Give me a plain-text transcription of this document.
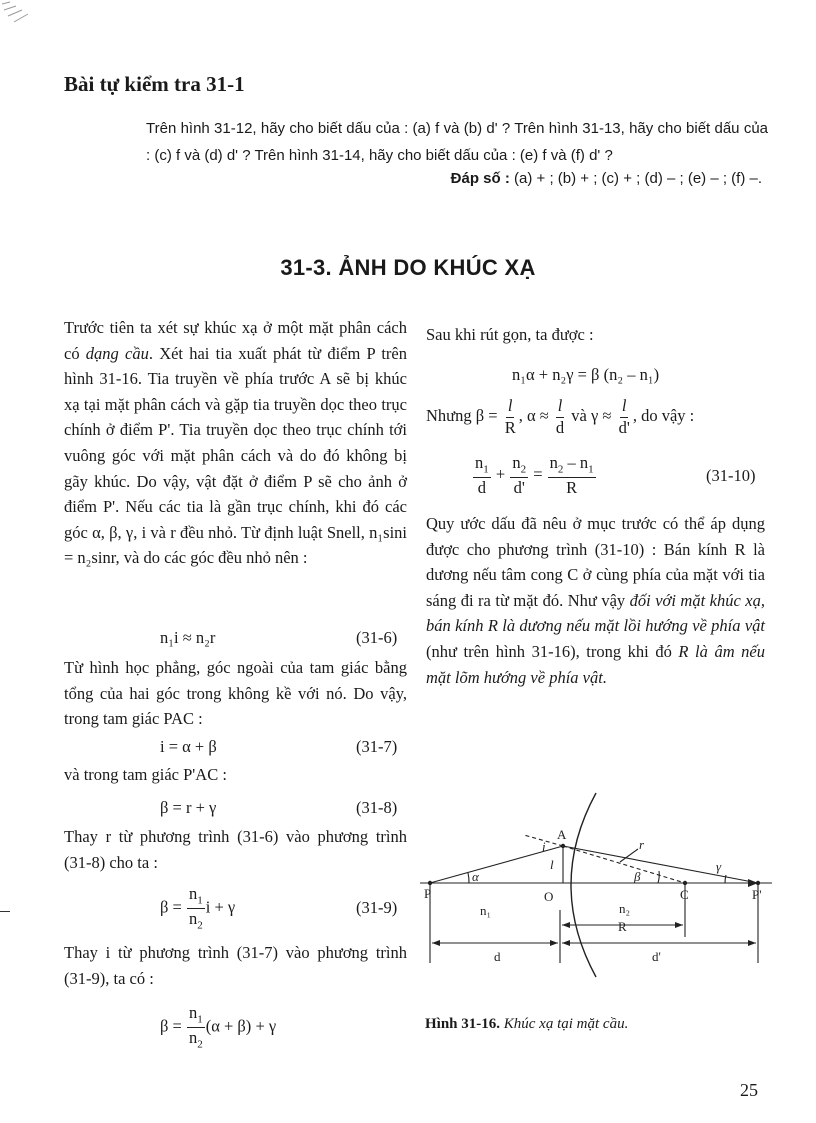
Bài tự kiểm tra 31-1
Trên hình 31-12, hãy cho biết dấu của : (a) f và (b) d' ? Trên hình 31-13, hãy cho biết dấu của : (c) f và (d) d' ? Trên hình 31-14, hãy cho biết dấu của : (e) f và (f) d' ?
Đáp số : (a) + ; (b) + ; (c) + ; (d) – ; (e) – ; (f) –.
31-3. ẢNH DO KHÚC XẠ
Trước tiên ta xét sự khúc xạ ở một mặt phân cách có dạng cầu. Xét hai tia xuất phát từ điểm P trên hình 31-16. Tia truyền về phía trước A sẽ bị khúc xạ tại mặt phân cách và gặp tia truyền dọc theo trục chính ở điểm P'. Tia truyền dọc theo trục chính tới vuông góc với mặt phân cách và do đó không bị gãy khúc. Do vậy, vật đặt ở điểm P sẽ cho ảnh ở điểm P'. Nếu các tia là gần trục chính, khi đó các góc α, β, γ, i và r đều nhỏ. Từ định luật Snell, n₁sini = n₂sinr, và do các góc đều nhỏ nên :
n₁i ≈ n₂r	(31-6)
Từ hình học phẳng, góc ngoài của tam giác bằng tổng của hai góc trong không kề với nó. Do vậy, trong tam giác PAC :
i = α + β	(31-7)
và trong tam giác P'AC :
β = r + γ	(31-8)
Thay r từ phương trình (31-6) vào phương trình (31-8) cho ta :
$\beta = \frac{n_1}{n_2}$ i + γ	(31-9)
Thay i từ phương trình (31-7) vào phương trình (31-9), ta có :
$\beta = \frac{n_1}{n_2} (\alpha + \beta) + \gamma$
Sau khi rút gọn, ta được :
n₁α + n₂γ = β (n₂ – n₁)
Nhưng $\beta = \frac{l}{R}$ , $\alpha \approx \frac{l}{d}$ và $\gamma \approx \frac{l}{d'}$ , do vậy :
$\frac{n_1}{d} + \frac{n_2}{d'} = \frac{n_2 - n_1}{R}$	(31-10)
Quy ước dấu đã nêu ở mục trước có thể áp dụng được cho phương trình (31-10) : Bán kính R là dương nếu tâm cong C ở cùng phía của mặt với tia sáng đi ra từ mặt đó. Như vậy đối với mặt khúc xạ, bán kính R là dương nếu mặt lồi hướng về phía vật (như trên hình 31-16), trong khi đó R là âm nếu mặt lõm hướng về phía vật.
A
P	O	C	P'
n₁	n₂
R
d	d'
α	β
γ
i	r
l
Hình 31-16. Khúc xạ tại mặt cầu.
25
